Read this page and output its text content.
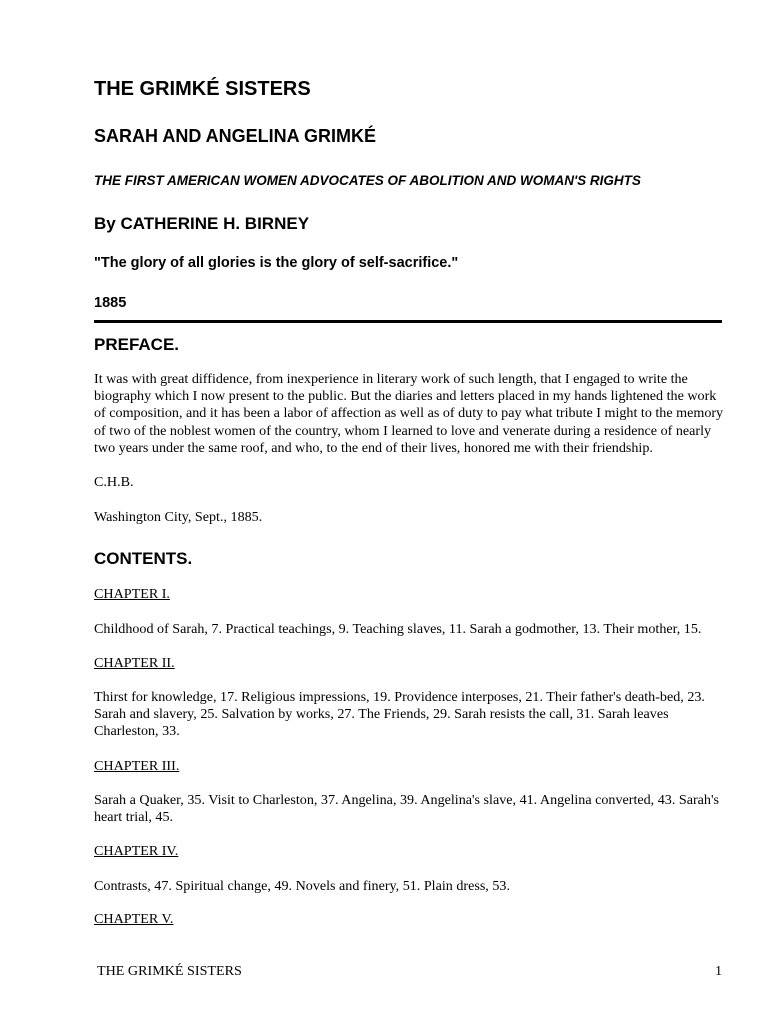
THE GRIMKÉ SISTERS
SARAH AND ANGELINA GRIMKÉ
THE FIRST AMERICAN WOMEN ADVOCATES OF ABOLITION AND WOMAN'S RIGHTS
By CATHERINE H. BIRNEY

"The glory of all glories is the glory of self-sacrifice."

1885

PREFACE.

It was with great diffidence, from inexperience in literary work of such length, that I engaged to write the biography which I now present to the public. But the diaries and letters placed in my hands lightened the work of composition, and it has been a labor of affection as well as of duty to pay what tribute I might to the memory of two of the noblest women of the country, whom I learned to love and venerate during a residence of nearly two years under the same roof, and who, to the end of their lives, honored me with their friendship.

C.H.B.

Washington City, Sept., 1885.

CONTENTS.
CHAPTER I.

Childhood of Sarah, 7. Practical teachings, 9. Teaching slaves, 11. Sarah a godmother, 13. Their mother, 15.

CHAPTER II.

Thirst for knowledge, 17. Religious impressions, 19. Providence interposes, 21. Their father's death-bed, 23. Sarah and slavery, 25. Salvation by works, 27. The Friends, 29. Sarah resists the call, 31. Sarah leaves Charleston, 33.

CHAPTER III.

Sarah a Quaker, 35. Visit to Charleston, 37. Angelina, 39. Angelina's slave, 41. Angelina converted, 43. Sarah's heart trial, 45.

CHAPTER IV.

Contrasts, 47. Spiritual change, 49. Novels and finery, 51. Plain dress, 53.

CHAPTER V.
THE GRIMKÉ SISTERS	1
